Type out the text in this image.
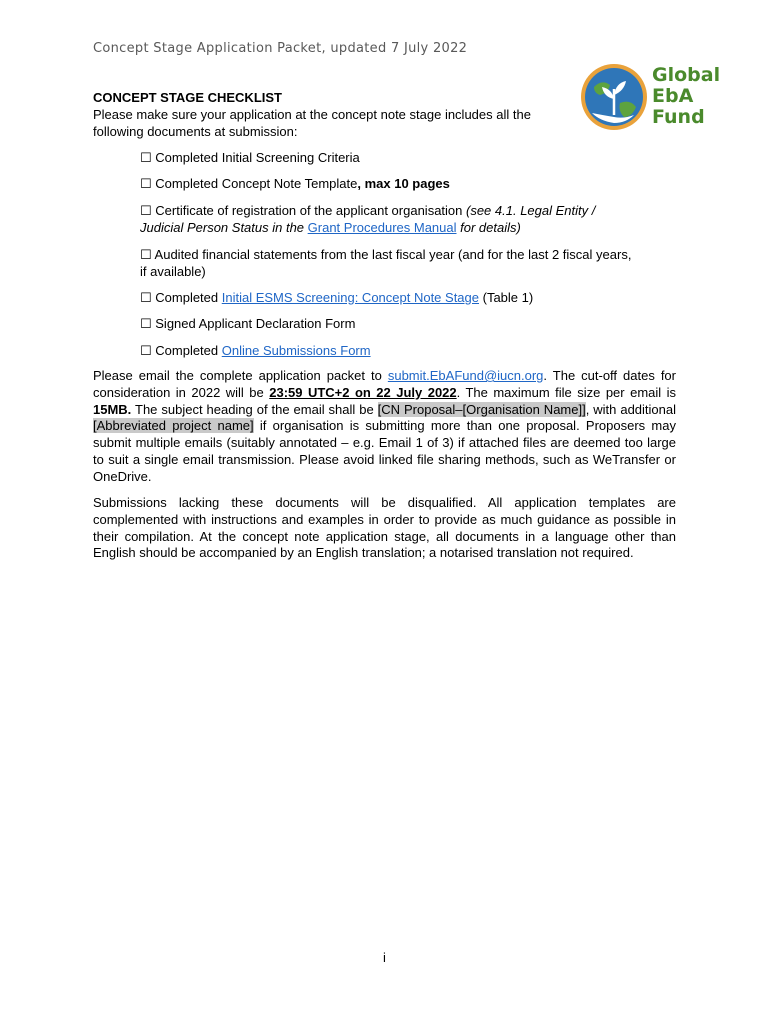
Concept Stage Application Packet, updated 7 July 2022
Global
EbA
Fund
CONCEPT STAGE CHECKLIST
Please make sure your application at the concept note stage includes all the following documents at submission:
☐ Completed Initial Screening Criteria
☐ Completed Concept Note Template, max 10 pages
☐ Certificate of registration of the applicant organisation (see 4.1. Legal Entity / Judicial Person Status in the Grant Procedures Manual for details)
☐ Audited financial statements from the last fiscal year (and for the last 2 fiscal years, if available)
☐ Completed Initial ESMS Screening: Concept Note Stage (Table 1)
☐ Signed Applicant Declaration Form
☐ Completed Online Submissions Form
Please email the complete application packet to submit.EbAFund@iucn.org. The cut-off dates for consideration in 2022 will be 23:59 UTC+2 on 22 July 2022. The maximum file size per email is 15MB. The subject heading of the email shall be [CN Proposal–[Organisation Name]], with additional [Abbreviated project name] if organisation is submitting more than one proposal. Proposers may submit multiple emails (suitably annotated – e.g. Email 1 of 3) if attached files are deemed too large to suit a single email transmission. Please avoid linked file sharing methods, such as WeTransfer or OneDrive.
Submissions lacking these documents will be disqualified. All application templates are complemented with instructions and examples in order to provide as much guidance as possible in their compilation. At the concept note application stage, all documents in a language other than English should be accompanied by an English translation; a notarised translation not required.
i
